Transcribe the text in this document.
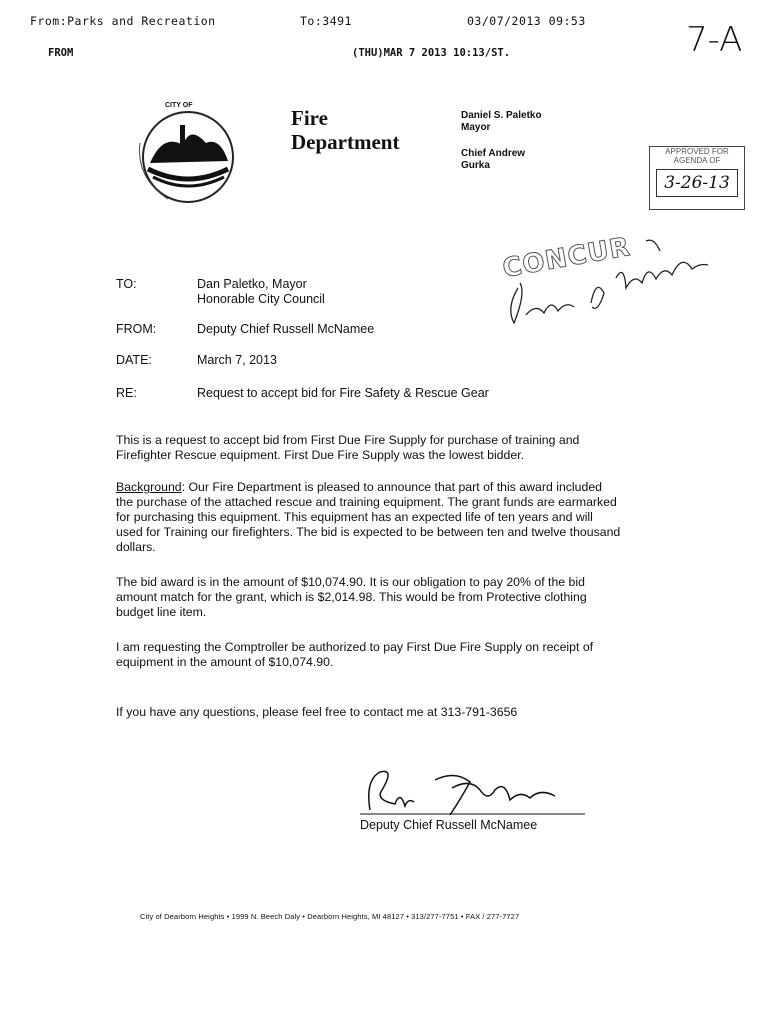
From:Parks and Recreation	To:3491	03/07/2013 09:53
FROM	(THU)MAR 7 2013 10:13/ST.	7-A
CITY OF
Fire
Department
Daniel S. Paletko
Mayor
Chief Andrew
Gurka
APPROVED FOR
AGENDA OF
3-26-13
CONCUR
TO:	Dan Paletko, Mayor
Honorable City Council
FROM:	Deputy Chief Russell McNamee
DATE:	March 7, 2013
RE:	Request to accept bid for Fire Safety & Rescue Gear
This is a request to accept bid from First Due Fire Supply for purchase of training and Firefighter Rescue equipment. First Due Fire Supply was the lowest bidder.
Background: Our Fire Department is pleased to announce that part of this award included the purchase of the attached rescue and training equipment. The grant funds are earmarked for purchasing this equipment. This equipment has an expected life of ten years and will used for Training our firefighters. The bid is expected to be between ten and twelve thousand dollars.
The bid award is in the amount of $10,074.90. It is our obligation to pay 20% of the bid amount match for the grant, which is $2,014.98. This would be from Protective clothing budget line item.
I am requesting the Comptroller be authorized to pay First Due Fire Supply on receipt of equipment in the amount of $10,074.90.
If you have any questions, please feel free to contact me at 313-791-3656
Deputy Chief Russell McNamee
City of Dearborn Heights • 1999 N. Beech Daly • Dearborn Heights, MI 48127 • 313/277-7751 • FAX / 277-7727
